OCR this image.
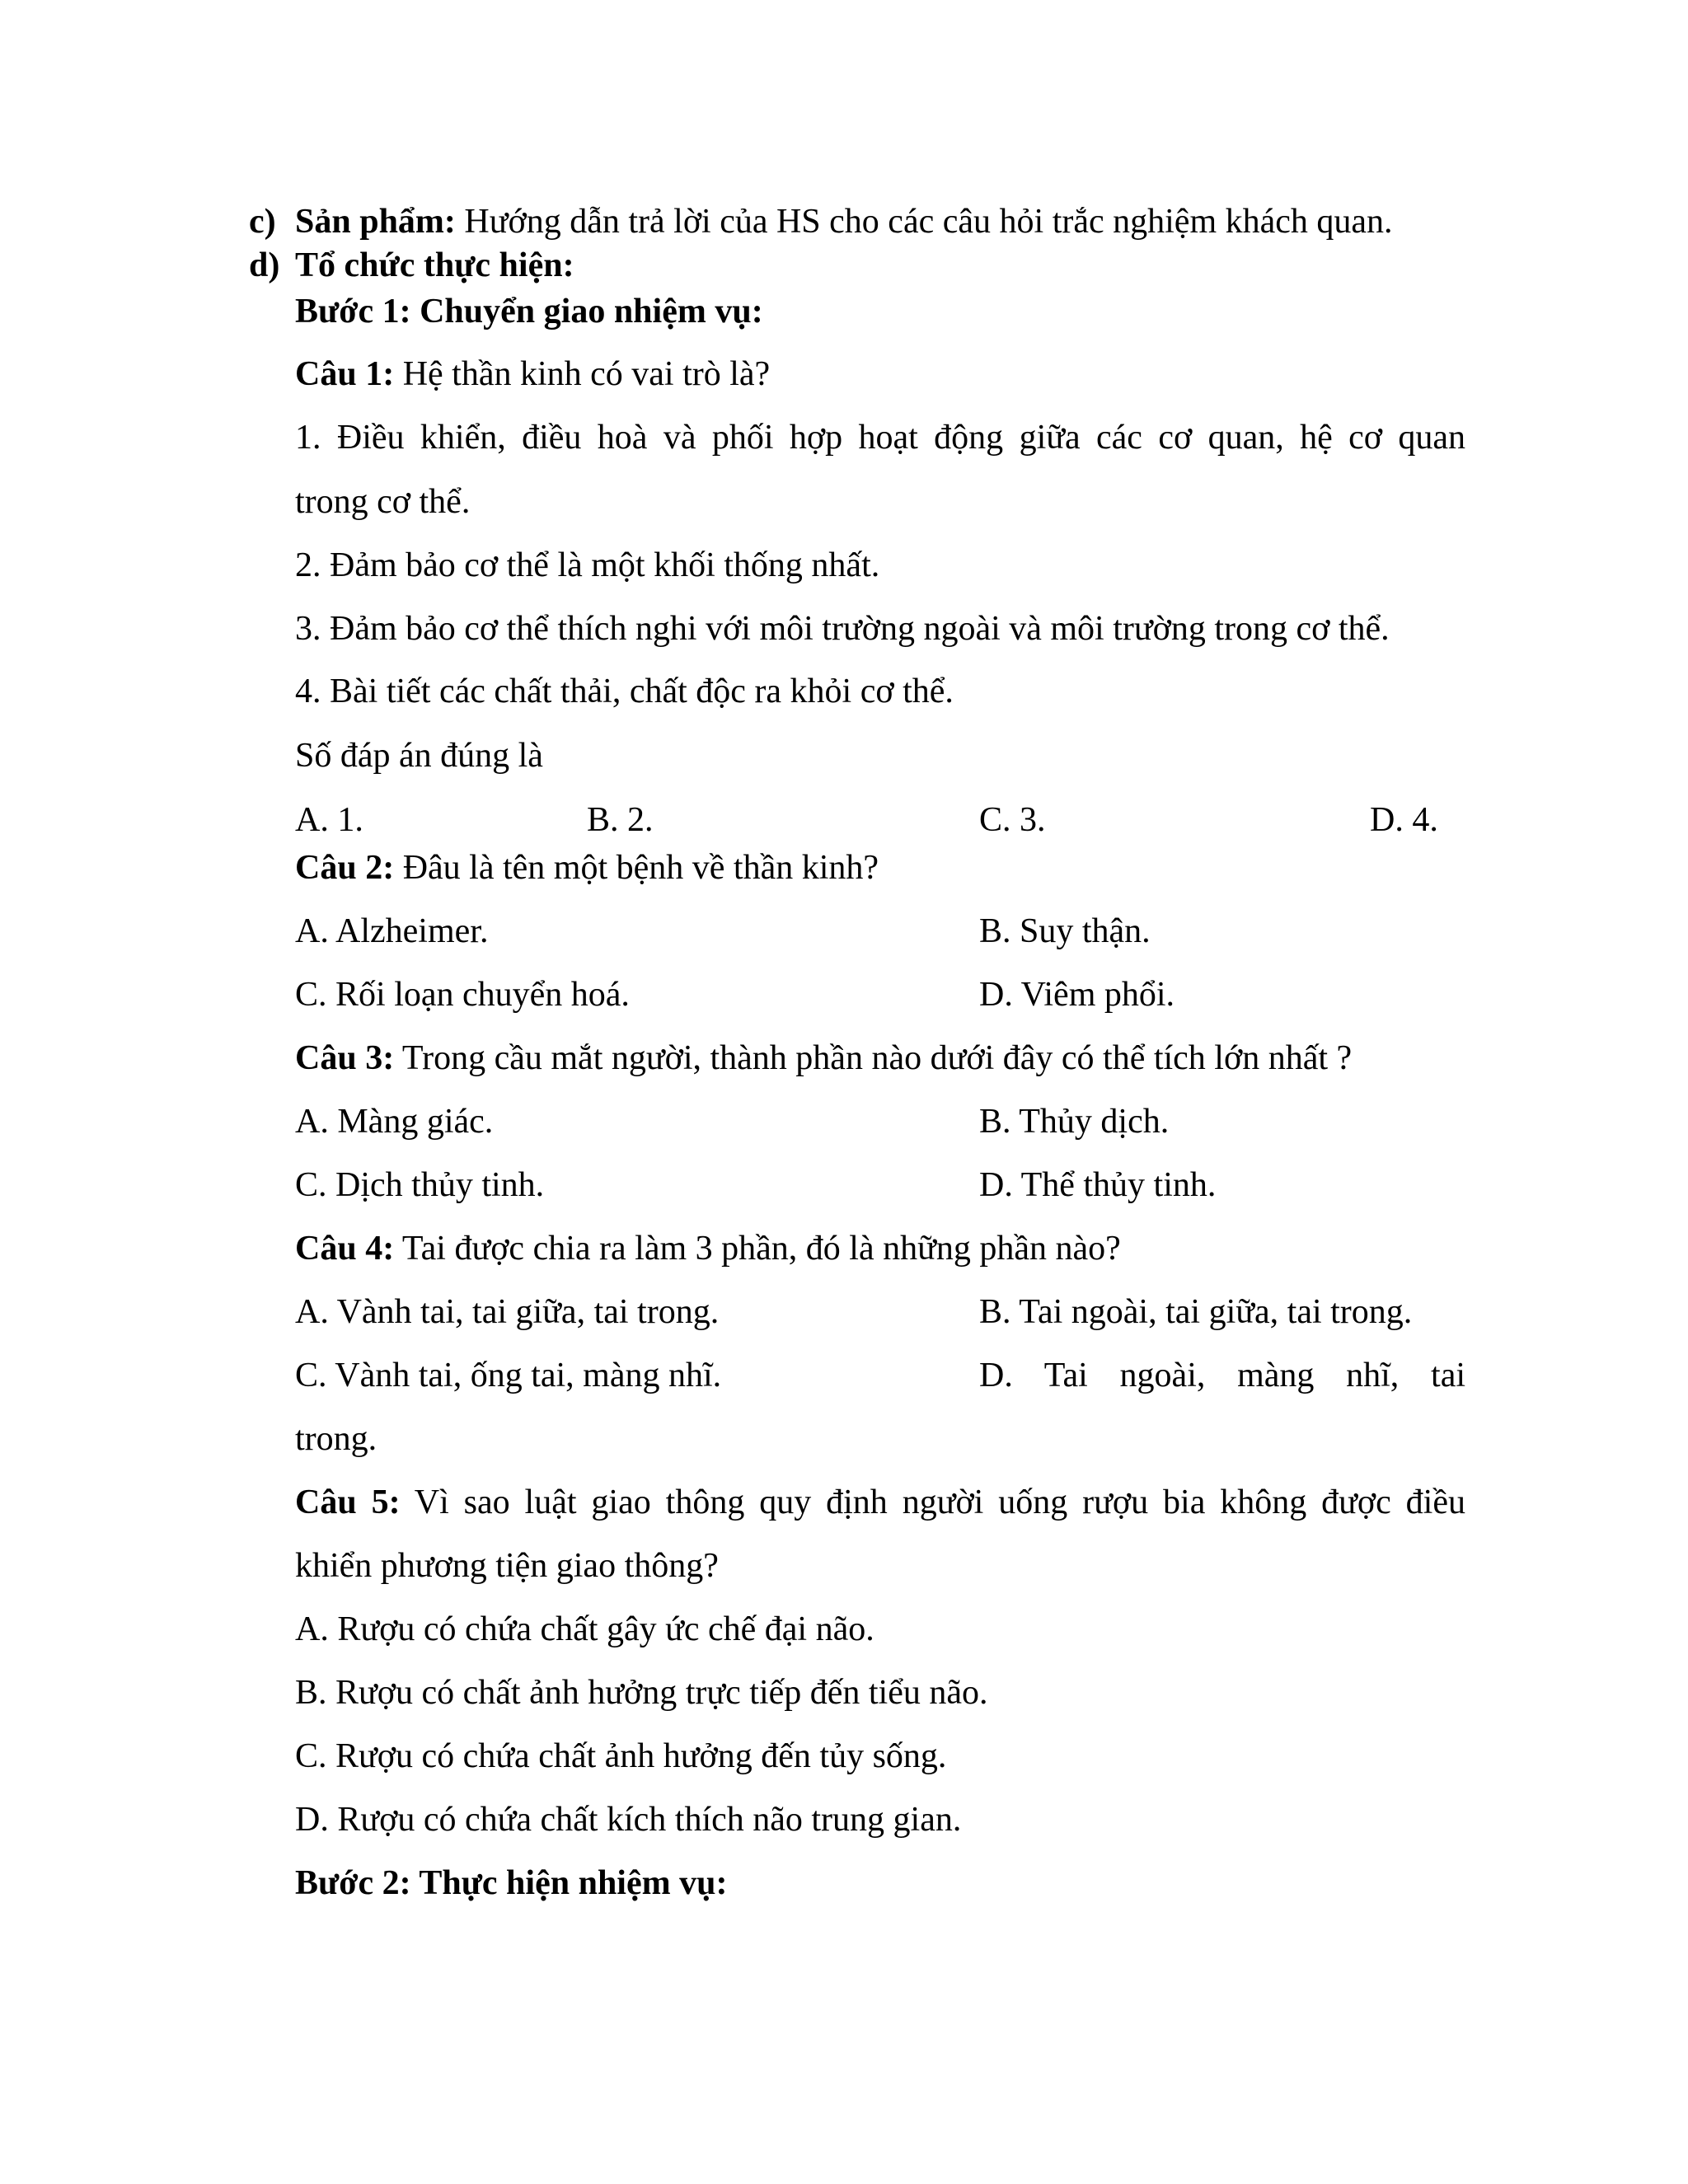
c) Sản phẩm: Hướng dẫn trả lời của HS cho các câu hỏi trắc nghiệm khách quan.
d) Tổ chức thực hiện:
Bước 1: Chuyển giao nhiệm vụ:
Câu 1: Hệ thần kinh có vai trò là?
1. Điều khiển, điều hoà và phối hợp hoạt động giữa các cơ quan, hệ cơ quan
trong cơ thể.
2. Đảm bảo cơ thể là một khối thống nhất.
3. Đảm bảo cơ thể thích nghi với môi trường ngoài và môi trường trong cơ thể.
4. Bài tiết các chất thải, chất độc ra khỏi cơ thể.
Số đáp án đúng là
A. 1.	B. 2.	C. 3.	D. 4.
Câu 2: Đâu là tên một bệnh về thần kinh?
A. Alzheimer.	B. Suy thận.
C. Rối loạn chuyển hoá.	D. Viêm phổi.
Câu 3: Trong cầu mắt người, thành phần nào dưới đây có thể tích lớn nhất ?
A. Màng giác.	B. Thủy dịch.
C. Dịch thủy tinh.	D. Thể thủy tinh.
Câu 4: Tai được chia ra làm 3 phần, đó là những phần nào?
A. Vành tai, tai giữa, tai trong.	B. Tai ngoài, tai giữa, tai trong.
C. Vành tai, ống tai, màng nhĩ.	D. Tai ngoài, màng nhĩ, tai
trong.
Câu 5: Vì sao luật giao thông quy định người uống rượu bia không được điều
khiển phương tiện giao thông?
A. Rượu có chứa chất gây ức chế đại não.
B. Rượu có chất ảnh hưởng trực tiếp đến tiểu não.
C. Rượu có chứa chất ảnh hưởng đến tủy sống.
D. Rượu có chứa chất kích thích não trung gian.
Bước 2: Thực hiện nhiệm vụ:
